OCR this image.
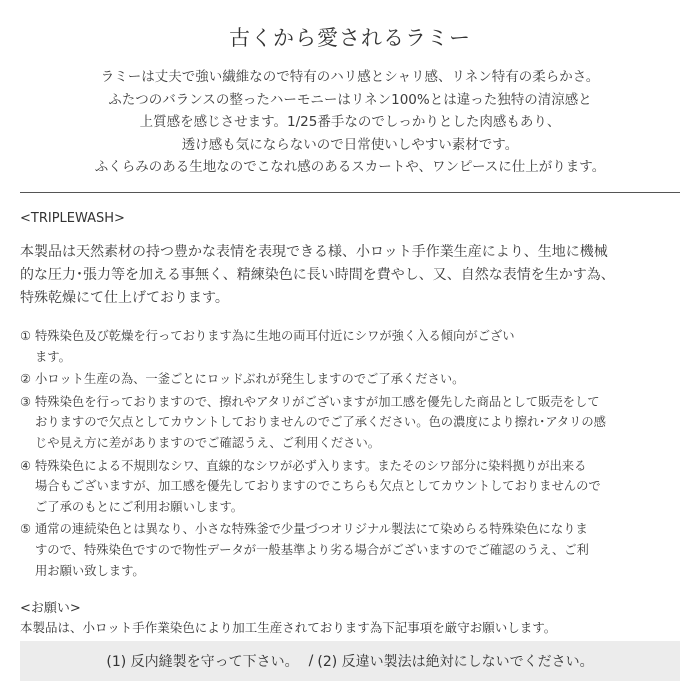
古くから愛されるラミー
ラミーは丈夫で強い繊維なので特有のハリ感とシャリ感、リネン特有の柔らかさ。
ふたつのバランスの整ったハーモニーはリネン100%とは違った独特の清涼感と
上質感を感じさせます。1/25番手なのでしっかりとした肉感もあり、
透け感も気にならないので日常使いしやすい素材です。
ふくらみのある生地なのでこなれ感のあるスカートや、ワンピースに仕上がります。
<TRIPLEWASH>
本製品は天然素材の持つ豊かな表情を表現できる様、小ロット手作業生産により、生地に機械
的な圧力･張力等を加える事無く、精練染色に長い時間を費やし、又、自然な表情を生かす為、
特殊乾燥にて仕上げております。
① 特殊染色及び乾燥を行っております為に生地の両耳付近にシワが強く入る傾向がござい
ます。
② 小ロット生産の為、一釜ごとにロッドぶれが発生しますのでご了承ください。
③ 特殊染色を行っておりますので、擦れやアタリがございますが加工感を優先した商品として販売をして
おりますので欠点としてカウントしておりませんのでご了承ください。色の濃度により擦れ･アタリの感
じや見え方に差がありますのでご確認うえ、ご利用ください。
④ 特殊染色による不規則なシワ、直線的なシワが必ず入ります。またそのシワ部分に染料拠りが出来る
場合もございますが、加工感を優先しておりますのでこちらも欠点としてカウントしておりませんので
ご了承のもとにご利用お願いします。
⑤ 通常の連続染色とは異なり、小さな特殊釜で少量づつオリジナル製法にて染めらる特殊染色になりま
すので、特殊染色ですので物性データが一般基準より劣る場合がございますのでご確認のうえ、ご利
用お願い致します。
<お願い>
本製品は、小ロット手作業染色により加工生産されております為下記事項を厳守お願いします。
(1) 反内縫製を守って下さい。 / (2) 反違い製法は絶対にしないでください。
